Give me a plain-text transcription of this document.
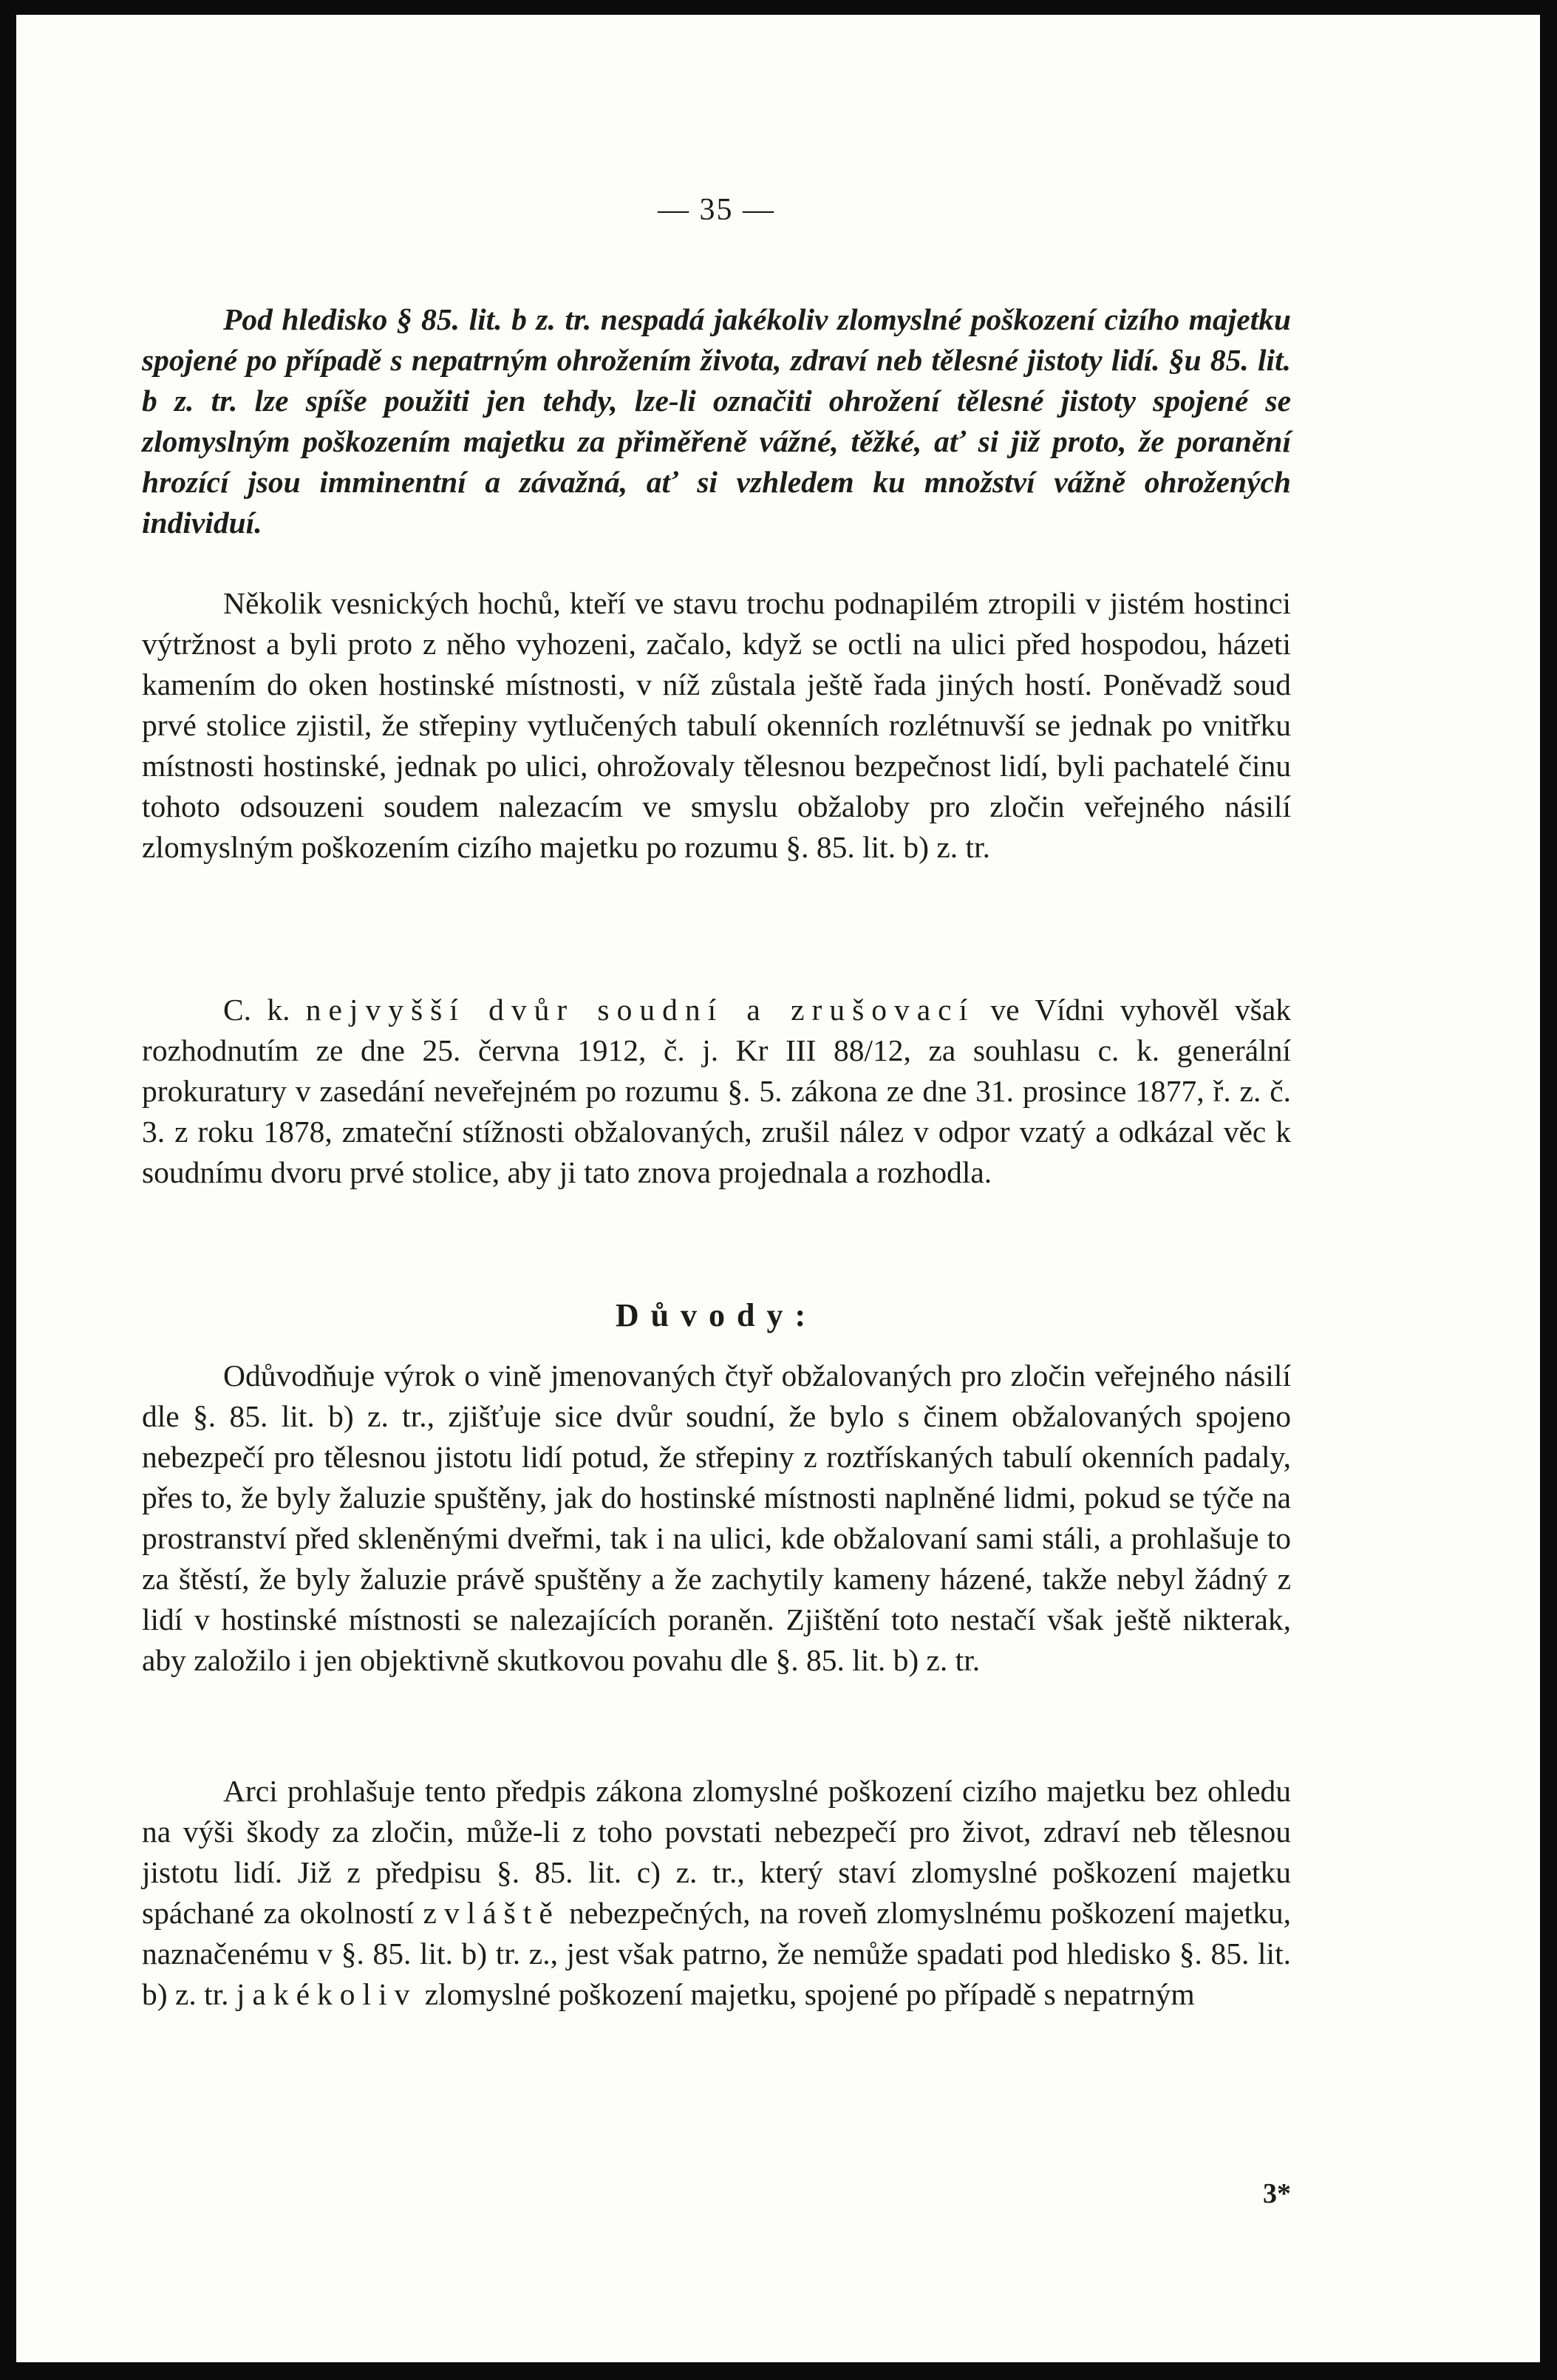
— 35 —

Pod hledisko § 85. lit. b z. tr. nespadá jakékoliv zlomyslné poškození cizího majetku spojené po případě s nepatrným ohrožením života, zdraví neb tělesné jistoty lidí. §u 85. lit. b z. tr. lze spíše použiti jen tehdy, lze-li označiti ohrožení tělesné jistoty spojené se zlomyslným poškozením majetku za přiměřeně vážné, těžké, ať si již proto, že poranění hrozící jsou imminentní a závažná, ať si vzhledem ku množství vážně ohrožených individuí.

Několik vesnických hochů, kteří ve stavu trochu podnapilém ztropili v jistém hostinci výtržnost a byli proto z něho vyhozeni, začalo, když se octli na ulici před hospodou, házeti kamením do oken hostinské místnosti, v níž zůstala ještě řada jiných hostí. Poněvadž soud prvé stolice zjistil, že střepiny vytlučených tabulí okenních rozlétnuvší se jednak po vnitřku místnosti hostinské, jednak po ulici, ohrožovaly tělesnou bezpečnost lidí, byli pachatelé činu tohoto odsouzeni soudem nalezacím ve smyslu obžaloby pro zločin veřejného násilí zlomyslným poškozením cizího majetku po rozumu §. 85. lit. b) z. tr.

C. k. nejvyšší dvůr soudní a zrušovací ve Vídni vyhověl však rozhodnutím ze dne 25. června 1912, č. j. Kr III 88/12, za souhlasu c. k. generální prokuratury v zasedání neveřejném po rozumu §. 5. zákona ze dne 31. prosince 1877, ř. z. č. 3. z roku 1878, zmateční stížnosti obžalovaných, zrušil nález v odpor vzatý a odkázal věc k soudnímu dvoru prvé stolice, aby ji tato znova projednala a rozhodla.

Důvody:

Odůvodňuje výrok o vině jmenovaných čtyř obžalovaných pro zločin veřejného násilí dle §. 85. lit. b) z. tr., zjišťuje sice dvůr soudní, že bylo s činem obžalovaných spojeno nebezpečí pro tělesnou jistotu lidí potud, že střepiny z roztřískaných tabulí okenních padaly, přes to, že byly žaluzie spuštěny, jak do hostinské místnosti naplněné lidmi, pokud se týče na prostranství před skleněnými dveřmi, tak i na ulici, kde obžalovaní sami stáli, a prohlašuje to za štěstí, že byly žaluzie právě spuštěny a že zachytily kameny házené, takže nebyl žádný z lidí v hostinské místnosti se nalezajících poraněn. Zjištění toto nestačí však ještě nikterak, aby založilo i jen objektivně skutkovou povahu dle §. 85. lit. b) z. tr.

Arci prohlašuje tento předpis zákona zlomyslné poškození cizího majetku bez ohledu na výši škody za zločin, může-li z toho povstati nebezpečí pro život, zdraví neb tělesnou jistotu lidí. Již z předpisu §. 85. lit. c) z. tr., který staví zlomyslné poškození majetku spáchané za okolností zvláště nebezpečných, na roveň zlomyslnému poškození majetku, naznačenému v §. 85. lit. b) tr. z., jest však patrno, že nemůže spadati pod hledisko §. 85. lit. b) z. tr. jakékoliv zlomyslné poškození majetku, spojené po případě s nepatrným

3*
